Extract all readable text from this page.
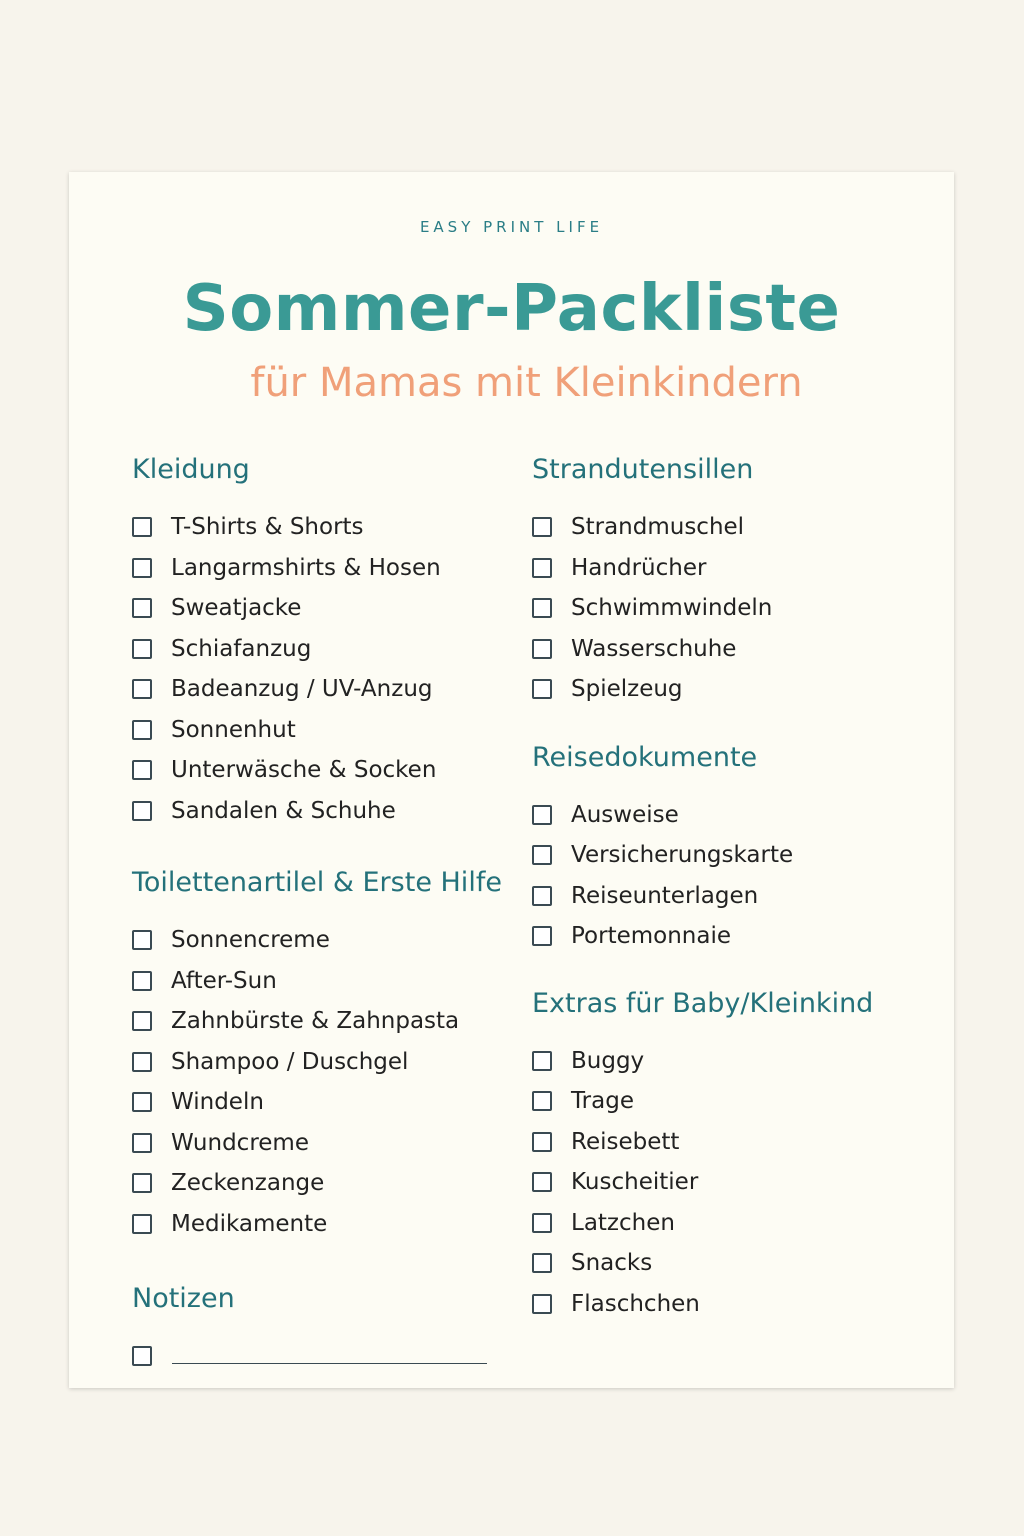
EASY PRINT LIFE
Sommer-Packliste
für Mamas mit Kleinkindern
Kleidung
T-Shirts & Shorts
Langarmshirts & Hosen
Sweatjacke
Schiafanzug
Badeanzug / UV-Anzug
Sonnenhut
Unterwäsche & Socken
Sandalen & Schuhe
Toilettenartilel & Erste Hilfe
Sonnencreme
After-Sun
Zahnbürste & Zahnpasta
Shampoo / Duschgel
Windeln
Wundcreme
Zeckenzange
Medikamente
Notizen
Strandutensillen
Strandmuschel
Handrücher
Schwimmwindeln
Wasserschuhe
Spielzeug
Reisedokumente
Ausweise
Versicherungskarte
Reiseunterlagen
Portemonnaie
Extras für Baby/Kleinkind
Buggy
Trage
Reisebett
Kuscheitier
Latzchen
Snacks
Flaschchen
